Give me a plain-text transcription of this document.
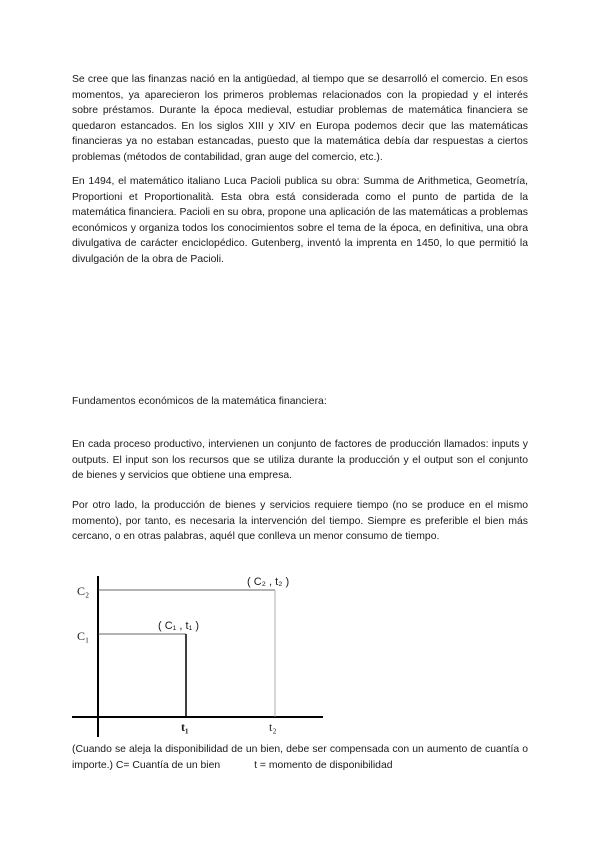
Se cree que las finanzas nació en la antigüedad, al tiempo que se desarrolló el comercio. En esos momentos, ya aparecieron los primeros problemas relacionados con la propiedad y el interés sobre préstamos. Durante la época medieval, estudiar problemas de matemática financiera se quedaron estancados. En los siglos XIII y XIV en Europa podemos decir que las matemáticas financieras ya no estaban estancadas, puesto que la matemática debía dar respuestas a ciertos problemas (métodos de contabilidad, gran auge del comercio, etc.).

En 1494, el matemático italiano Luca Pacioli publica su obra: Summa de Arithmetica, Geometría, Proportioni et Proportionalità. Esta obra está considerada como el punto de partida de la matemática financiera. Pacioli en su obra, propone una aplicación de las matemáticas a problemas económicos y organiza todos los conocimientos sobre el tema de la época, en definitiva, una obra divulgativa de carácter enciclopédico. Gutenberg, inventó la imprenta en 1450, lo que permitió la divulgación de la obra de Pacioli.

Fundamentos económicos de la matemática financiera:

En cada proceso productivo, intervienen un conjunto de factores de producción llamados: inputs y outputs. El input son los recursos que se utiliza durante la producción y el output son el conjunto de bienes y servicios que obtiene una empresa.

Por otro lado, la producción de bienes y servicios requiere tiempo (no se produce en el mismo momento), por tanto, es necesaria la intervención del tiempo. Siempre es preferible el bien más cercano, o en otras palabras, aquél que conlleva un menor consumo de tiempo.

C₂
C₁
t₁	t₂
( C₁ , t₁ )
( C₂ , t₂ )

(Cuando se aleja la disponibilidad de un bien, debe ser compensada con un aumento de cuantía o importe.) C= Cuantía de un bien	t = momento de disponibilidad
